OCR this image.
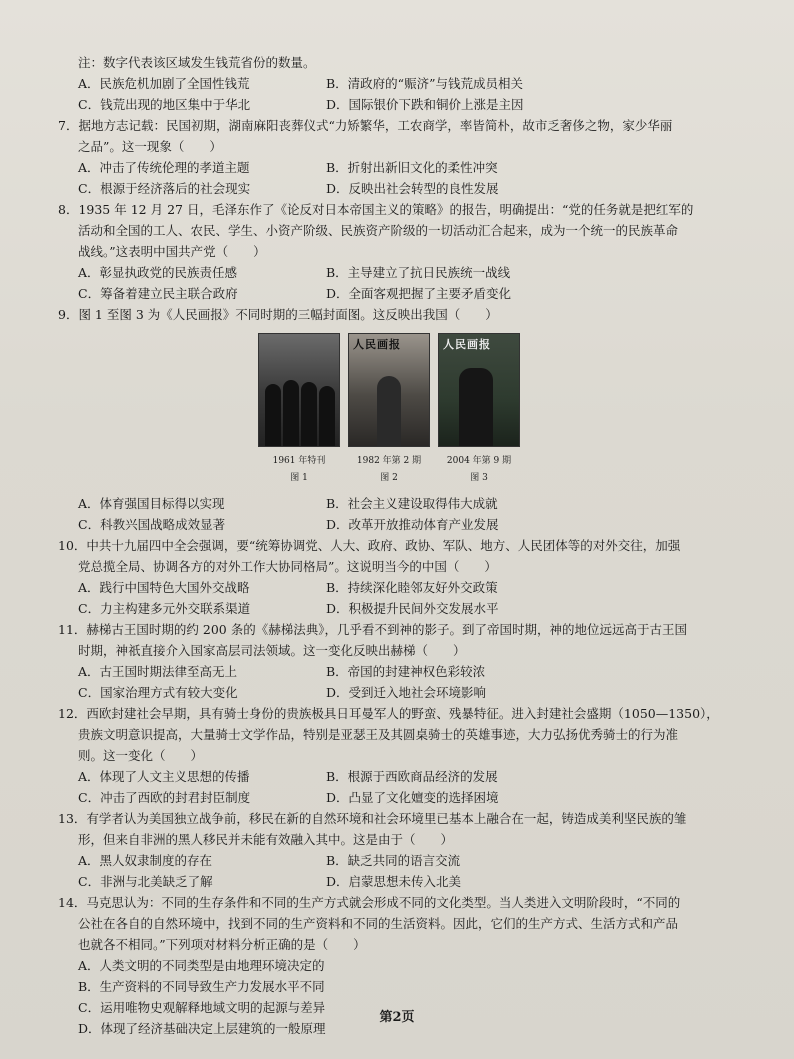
注：数字代表该区域发生钱荒省份的数量。
A．民族危机加剧了全国性钱荒	B．清政府的“赈济”与钱荒成员相关
C．钱荒出现的地区集中于华北	D．国际银价下跌和铜价上涨是主因
7．据地方志记载：民国初期，湖南麻阳丧葬仪式“力矫繁华，工农商学，率皆简朴，故市乏奢侈之物，家少华丽
之品”。这一现象（　　）
A．冲击了传统伦理的孝道主题	B．折射出新旧文化的柔性冲突
C．根源于经济落后的社会现实	D．反映出社会转型的良性发展
8．1935 年 12 月 27 日，毛泽东作了《论反对日本帝国主义的策略》的报告，明确提出：“党的任务就是把红军的
活动和全国的工人、农民、学生、小资产阶级、民族资产阶级的一切活动汇合起来，成为一个统一的民族革命
战线。”这表明中国共产党（　　）
A．彰显执政党的民族责任感	B．主导建立了抗日民族统一战线
C．筹备着建立民主联合政府	D．全面客观把握了主要矛盾变化
9．图 1 至图 3 为《人民画报》不同时期的三幅封面图。这反映出我国（　　）
1961 年特刊
图 1
人民画报
1982 年第 2 期
图 2
人民画报
2004 年第 9 期
图 3
A．体育强国目标得以实现	B．社会主义建设取得伟大成就
C．科教兴国战略成效显著	D．改革开放推动体育产业发展
10．中共十九届四中全会强调，要“统筹协调党、人大、政府、政协、军队、地方、人民团体等的对外交往，加强
党总揽全局、协调各方的对外工作大协同格局”。这说明当今的中国（　　）
A．践行中国特色大国外交战略	B．持续深化睦邻友好外交政策
C．力主构建多元外交联系渠道	D．积极提升民间外交发展水平
11．赫梯古王国时期的约 200 条的《赫梯法典》，几乎看不到神的影子。到了帝国时期，神的地位远远高于古王国
时期，神祇直接介入国家高层司法领域。这一变化反映出赫梯（　　）
A．古王国时期法律至高无上	B．帝国的封建神权色彩较浓
C．国家治理方式有较大变化	D．受到迁入地社会环境影响
12．西欧封建社会早期，具有骑士身份的贵族极具日耳曼军人的野蛮、残暴特征。进入封建社会盛期（1050—1350），
贵族文明意识提高，大量骑士文学作品，特别是亚瑟王及其圆桌骑士的英雄事迹，大力弘扬优秀骑士的行为准
则。这一变化（　　）
A．体现了人文主义思想的传播	B．根源于西欧商品经济的发展
C．冲击了西欧的封君封臣制度	D．凸显了文化嬗变的选择困境
13．有学者认为美国独立战争前，移民在新的自然环境和社会环境里已基本上融合在一起，铸造成美利坚民族的雏
形，但来自非洲的黑人移民并未能有效融入其中。这是由于（　　）
A．黑人奴隶制度的存在	B．缺乏共同的语言交流
C．非洲与北美缺乏了解	D．启蒙思想未传入北美
14．马克思认为：不同的生存条件和不同的生产方式就会形成不同的文化类型。当人类进入文明阶段时，“不同的
公社在各自的自然环境中，找到不同的生产资料和不同的生活资料。因此，它们的生产方式、生活方式和产品
也就各不相同。”下列项对材料分析正确的是（　　）
A．人类文明的不同类型是由地理环境决定的
B．生产资料的不同导致生产力发展水平不同
C．运用唯物史观解释地域文明的起源与差异
D．体现了经济基础决定上层建筑的一般原理
第2页
